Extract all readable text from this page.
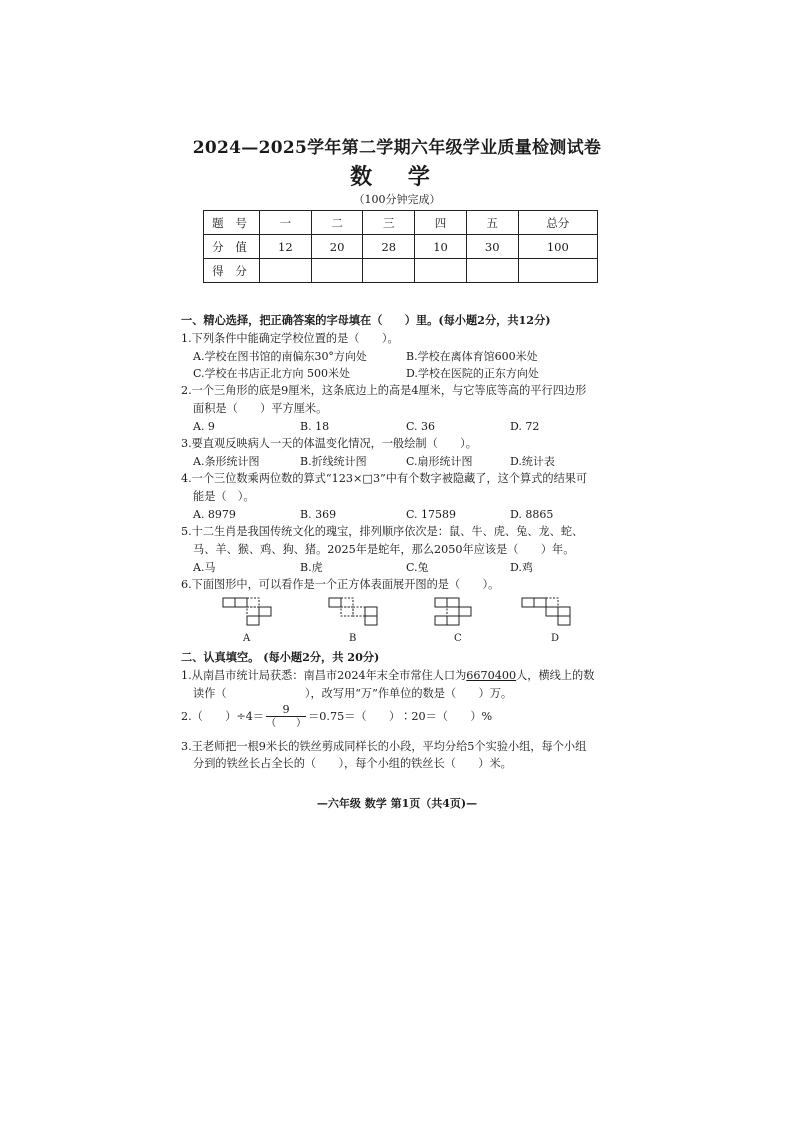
2024—2025学年第二学期六年级学业质量检测试卷
数 学
（100分钟完成）
题 号	一	二	三	四	五	总分
分 值	12	20	28	10	30	100
得 分						
一、精心选择，把正确答案的字母填在（　　）里。(每小题2分，共12分)
1.下列条件中能确定学校位置的是（　　）。
A.学校在图书馆的南偏东30°方向处	B.学校在离体育馆600米处
C.学校在书店正北方向 500米处	D.学校在医院的正东方向处
2.一个三角形的底是9厘米，这条底边上的高是4厘米，与它等底等高的平行四边形
面积是（　　）平方厘米。
A. 9	B. 18	C. 36	D. 72
3.要直观反映病人一天的体温变化情况，一般绘制（　　）。
A.条形统计图	B.折线统计图	C.扇形统计图	D.统计表
4.一个三位数乘两位数的算式“123×□3”中有个数字被隐藏了，这个算式的结果可
能是（　）。
A. 8979	B. 369	C. 17589	D. 8865
5.十二生肖是我国传统文化的瑰宝，排列顺序依次是：鼠、牛、虎、兔、龙、蛇、
马、羊、猴、鸡、狗、猪。2025年是蛇年，那么2050年应该是（　　）年。
A.马	B.虎	C.兔	D.鸡
6.下面图形中，可以看作是一个正方体表面展开图的是（　　）。
A	B	C	D
二、认真填空。 (每小题2分，共 20分)
1.从南昌市统计局获悉：南昌市2024年末全市常住人口为6670400人，横线上的数
读作（　　　　　　　），改写用“万”作单位的数是（　　）万。
2.（　　）÷4＝
9
（　　）
＝0.75＝（　　）∶20＝（　　）%
3.王老师把一根9米长的铁丝剪成同样长的小段，平均分给5个实验小组，每个小组
分到的铁丝长占全长的（　　），每个小组的铁丝长（　　）米。
—六年级 数学 第1页（共4页)—
